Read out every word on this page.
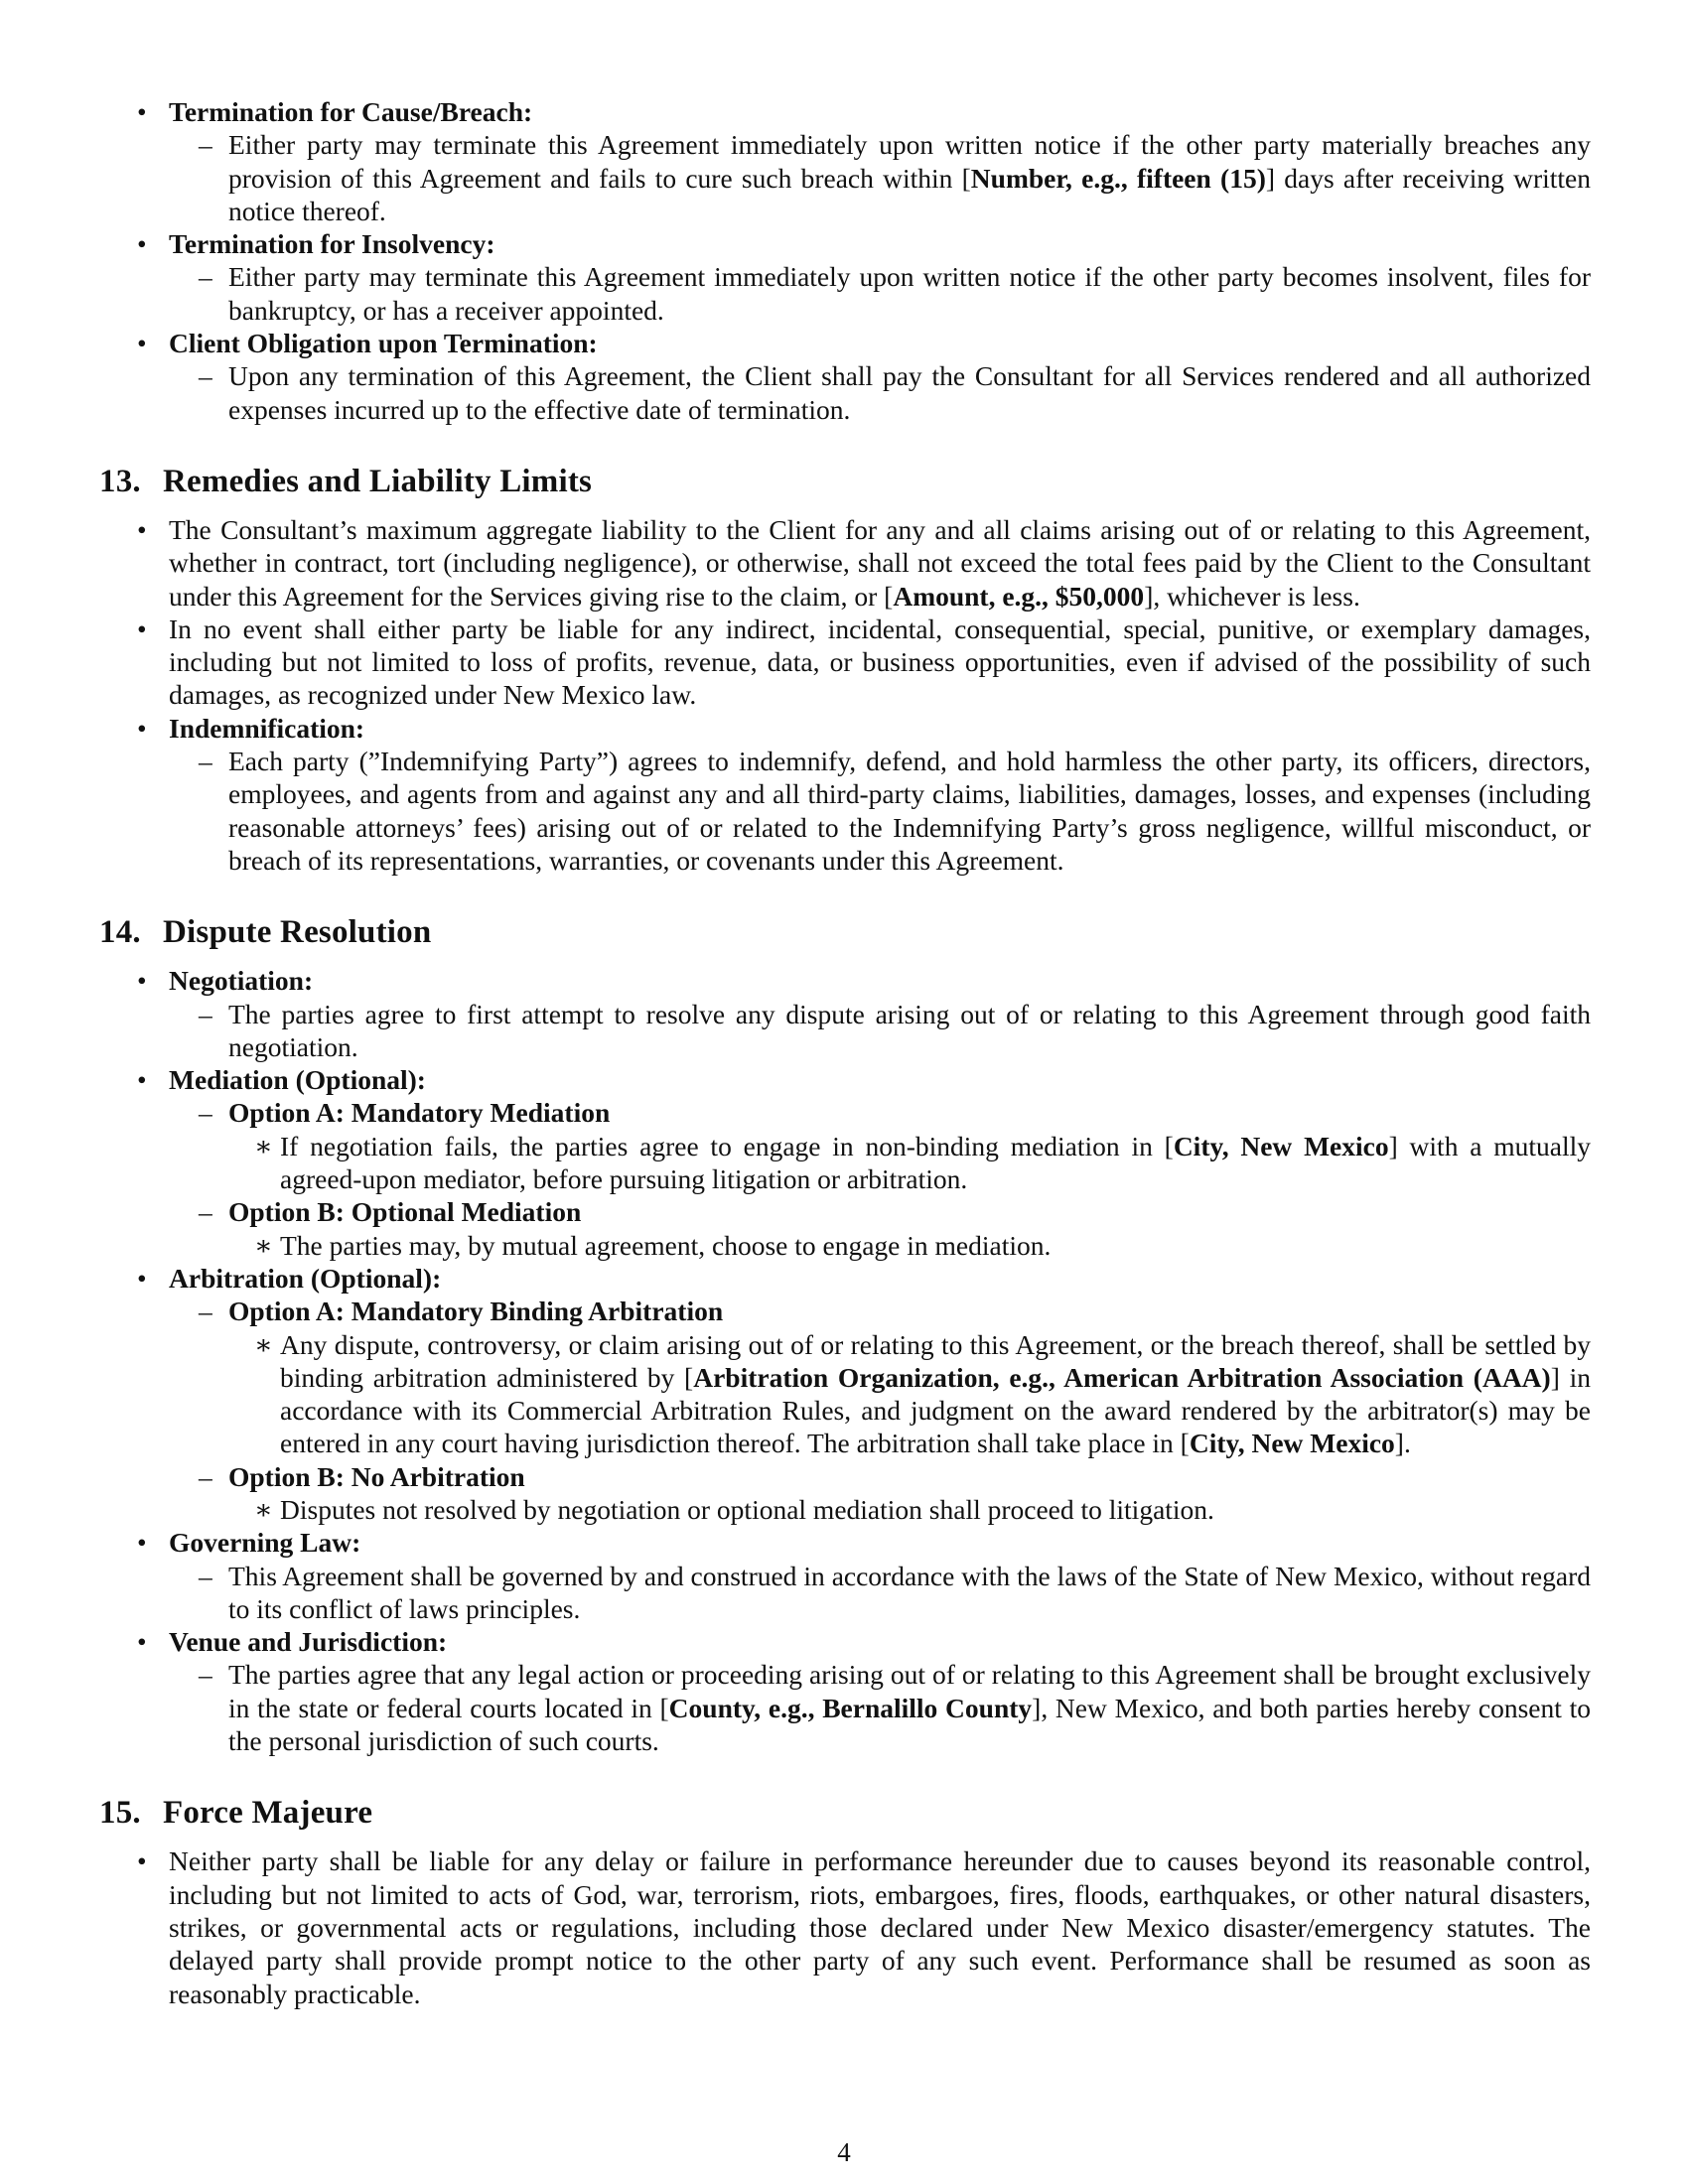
• Termination for Cause/Breach:
– Either party may terminate this Agreement immediately upon written notice if the other party materially breaches any provision of this Agreement and fails to cure such breach within [Number, e.g., fifteen (15)] days after receiving written notice thereof.
• Termination for Insolvency:
– Either party may terminate this Agreement immediately upon written notice if the other party becomes insolvent, files for bankruptcy, or has a receiver appointed.
• Client Obligation upon Termination:
– Upon any termination of this Agreement, the Client shall pay the Consultant for all Services rendered and all authorized expenses incurred up to the effective date of termination.
13. Remedies and Liability Limits
• The Consultant’s maximum aggregate liability to the Client for any and all claims arising out of or relating to this Agreement, whether in contract, tort (including negligence), or otherwise, shall not exceed the total fees paid by the Client to the Consultant under this Agreement for the Services giving rise to the claim, or [Amount, e.g., $50,000], whichever is less.
• In no event shall either party be liable for any indirect, incidental, consequential, special, punitive, or exemplary damages, including but not limited to loss of profits, revenue, data, or business opportunities, even if advised of the possibility of such damages, as recognized under New Mexico law.
• Indemnification:
– Each party (”Indemnifying Party”) agrees to indemnify, defend, and hold harmless the other party, its officers, directors, employees, and agents from and against any and all third-party claims, liabilities, damages, losses, and expenses (including reasonable attorneys’ fees) arising out of or related to the Indemnifying Party’s gross negligence, willful misconduct, or breach of its representations, warranties, or covenants under this Agreement.
14. Dispute Resolution
• Negotiation:
– The parties agree to first attempt to resolve any dispute arising out of or relating to this Agreement through good faith negotiation.
• Mediation (Optional):
– Option A: Mandatory Mediation
∗ If negotiation fails, the parties agree to engage in non-binding mediation in [City, New Mexico] with a mutually agreed-upon mediator, before pursuing litigation or arbitration.
– Option B: Optional Mediation
∗ The parties may, by mutual agreement, choose to engage in mediation.
• Arbitration (Optional):
– Option A: Mandatory Binding Arbitration
∗ Any dispute, controversy, or claim arising out of or relating to this Agreement, or the breach thereof, shall be settled by binding arbitration administered by [Arbitration Organization, e.g., American Arbitration Association (AAA)] in accordance with its Commercial Arbitration Rules, and judgment on the award rendered by the arbitrator(s) may be entered in any court having jurisdiction thereof. The arbitration shall take place in [City, New Mexico].
– Option B: No Arbitration
∗ Disputes not resolved by negotiation or optional mediation shall proceed to litigation.
• Governing Law:
– This Agreement shall be governed by and construed in accordance with the laws of the State of New Mexico, without regard to its conflict of laws principles.
• Venue and Jurisdiction:
– The parties agree that any legal action or proceeding arising out of or relating to this Agreement shall be brought exclusively in the state or federal courts located in [County, e.g., Bernalillo County], New Mexico, and both parties hereby consent to the personal jurisdiction of such courts.
15. Force Majeure
• Neither party shall be liable for any delay or failure in performance hereunder due to causes beyond its reasonable control, including but not limited to acts of God, war, terrorism, riots, embargoes, fires, floods, earthquakes, or other natural disasters, strikes, or governmental acts or regulations, including those declared under New Mexico disaster/emergency statutes. The delayed party shall provide prompt notice to the other party of any such event. Performance shall be resumed as soon as reasonably practicable.
4
